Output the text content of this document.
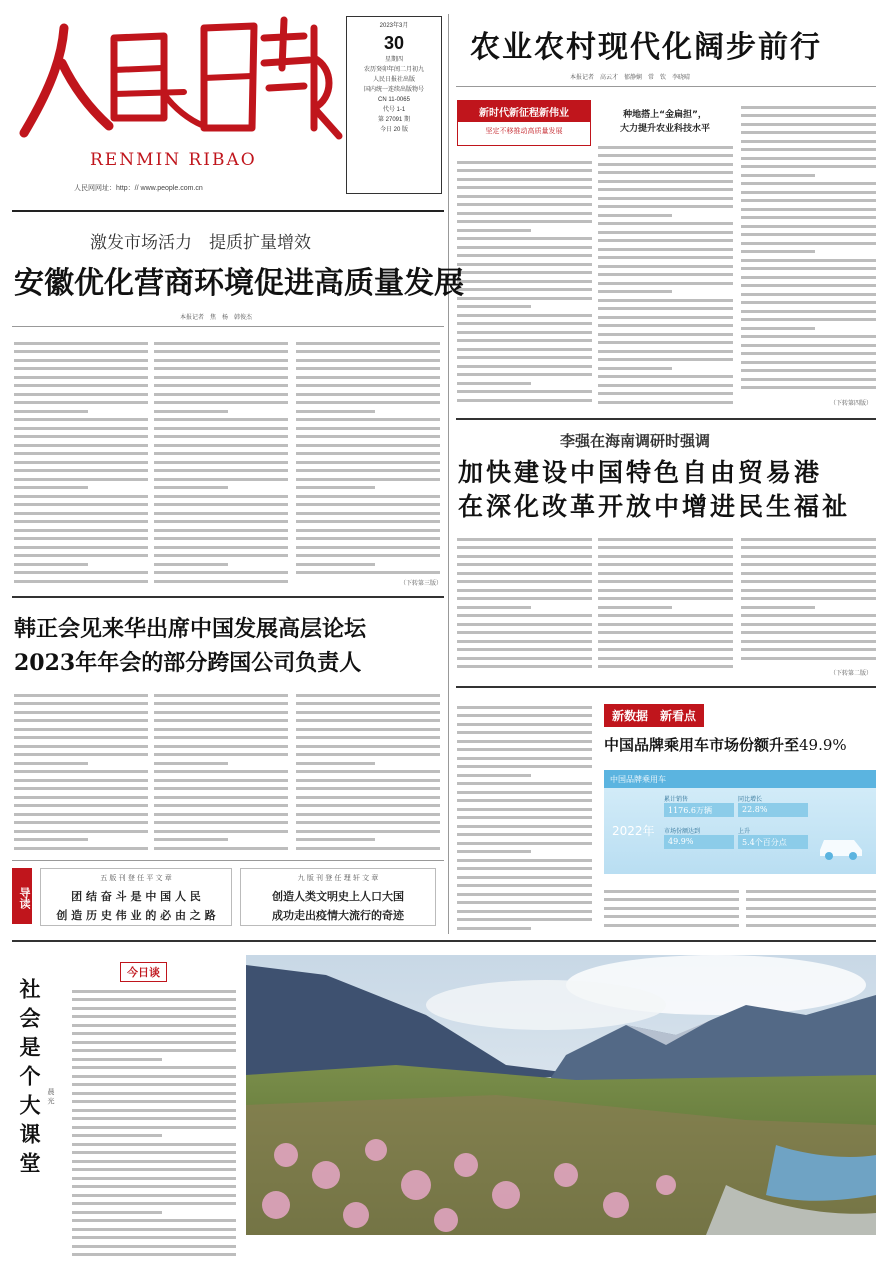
RENMIN RIBAO
人民网网址：http：// www.people.com.cn
2023年3月
30
星期四
农历癸卯年闰二月初九
人民日报社出版
国内统一连续出版物号
CN 11-0065
代号 1-1
第 27091 期
今日 20 版
农业农村现代化阔步前行
本报记者　高云才　郁静娴　常　钦　李晓晴
新时代新征程新伟业
坚定不移推动高质量发展
种地搭上“金扁担”，
大力提升农业科技水平
（下转第四版）
激发市场活力　提质扩量增效
安徽优化营商环境促进高质量发展
本报记者　焦　杨　韩俊杰
（下转第三版）
李强在海南调研时强调
加快建设中国特色自由贸易港
在深化改革开放中增进民生福祉
（下转第二版）
韩正会见来华出席中国发展高层论坛
2023年年会的部分跨国公司负责人
导读
五 版 刊 登 任 平 文 章
团 结 奋 斗 是 中 国 人 民
创 造 历 史 伟 业 的 必 由 之 路
九 版 刊 登 任 理 轩 文 章
创造人类文明史上人口大国
成功走出疫情大流行的奇迹
新数据　新看点
中国品牌乘用车市场份额升至49.9%
中国品牌乘用车
2022年
累计销售
1176.6万辆
同比增长
22.8%
市场份额达到
49.9%
上升
5.4个百分点
今日谈
社会是个大课堂 晨 光
